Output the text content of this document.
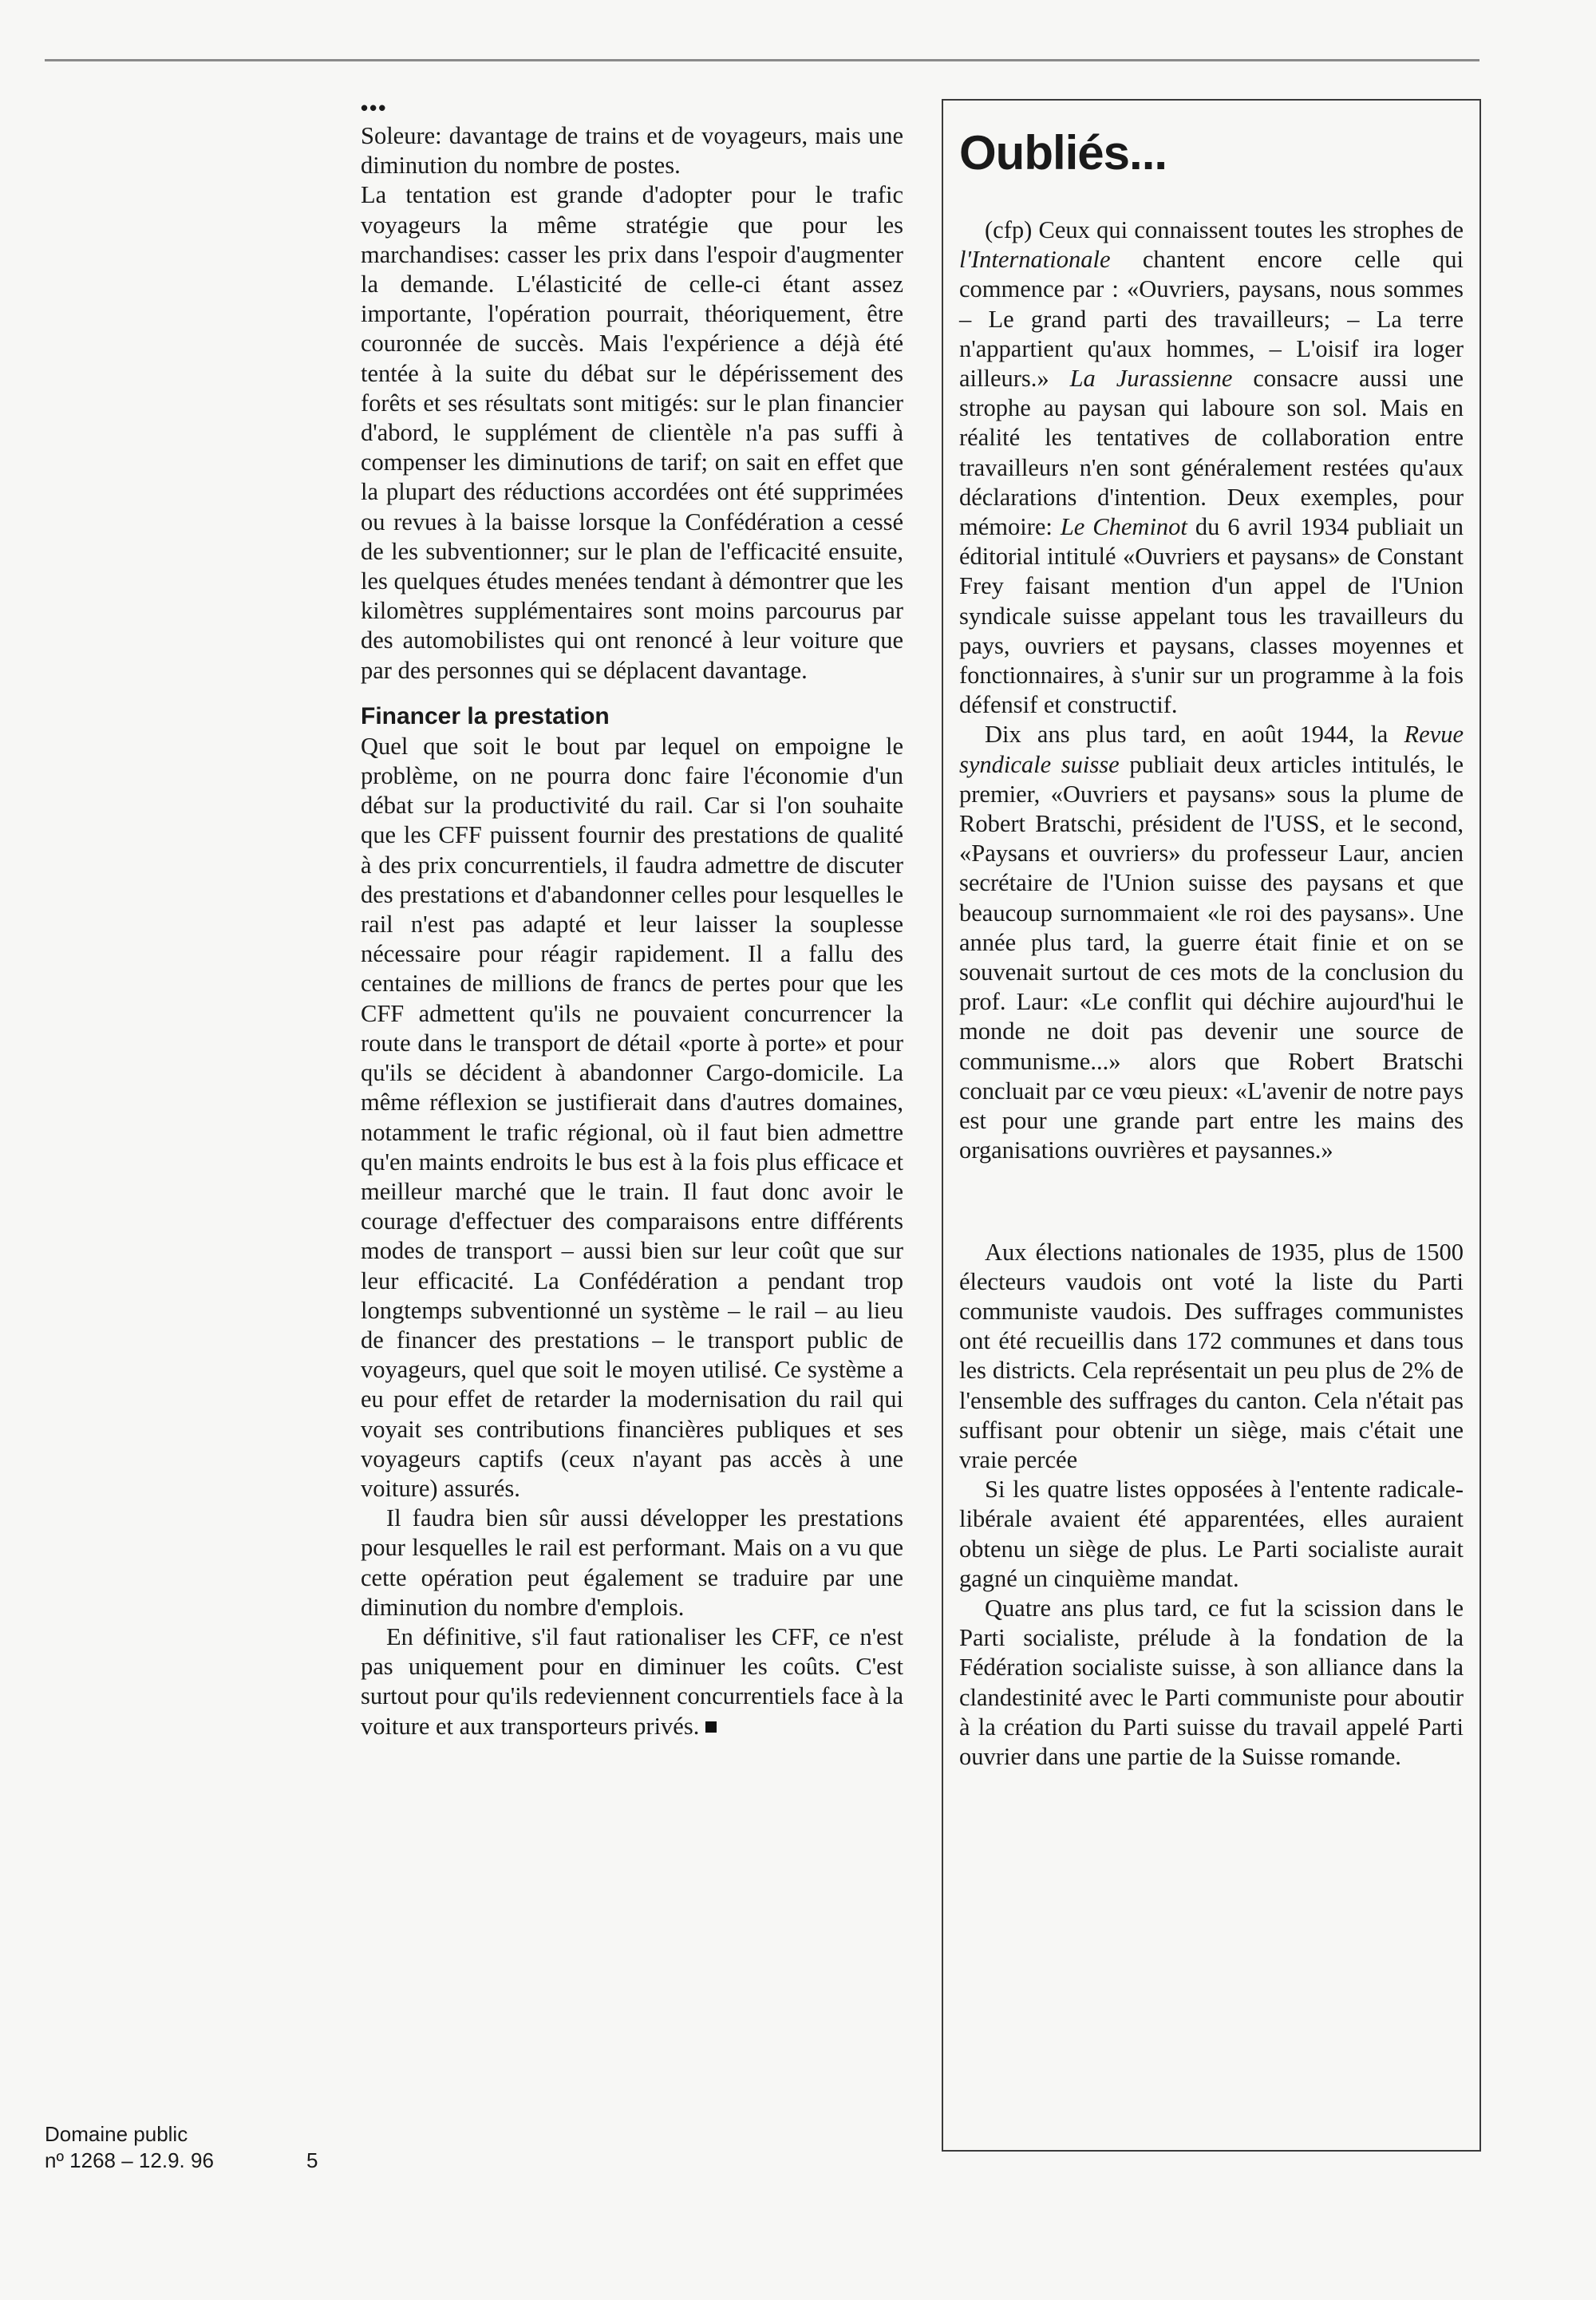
•••

Soleure: davantage de trains et de voyageurs, mais une diminution du nombre de postes.

La tentation est grande d'adopter pour le trafic voyageurs la même stratégie que pour les marchandises: casser les prix dans l'espoir d'augmenter la demande. L'élasticité de celle-ci étant assez importante, l'opération pourrait, théoriquement, être couronnée de succès. Mais l'expérience a déjà été tentée à la suite du débat sur le dépérissement des forêts et ses résultats sont mitigés: sur le plan financier d'abord, le supplément de clientèle n'a pas suffi à compenser les diminutions de tarif; on sait en effet que la plupart des réductions accordées ont été supprimées ou revues à la baisse lorsque la Confédération a cessé de les subventionner; sur le plan de l'efficacité ensuite, les quelques études menées tendant à démontrer que les kilomètres supplémentaires sont moins parcourus par des automobilistes qui ont renoncé à leur voiture que par des personnes qui se déplacent davantage.

Financer la prestation

Quel que soit le bout par lequel on empoigne le problème, on ne pourra donc faire l'économie d'un débat sur la productivité du rail. Car si l'on souhaite que les CFF puissent fournir des prestations de qualité à des prix concurrentiels, il faudra admettre de discuter des prestations et d'abandonner celles pour lesquelles le rail n'est pas adapté et leur laisser la souplesse nécessaire pour réagir rapidement. Il a fallu des centaines de millions de francs de pertes pour que les CFF admettent qu'ils ne pouvaient concurrencer la route dans le transport de détail «porte à porte» et pour qu'ils se décident à abandonner Cargo-domicile. La même réflexion se justifierait dans d'autres domaines, notamment le trafic régional, où il faut bien admettre qu'en maints endroits le bus est à la fois plus efficace et meilleur marché que le train. Il faut donc avoir le courage d'effectuer des comparaisons entre différents modes de transport – aussi bien sur leur coût que sur leur efficacité. La Confédération a pendant trop longtemps subventionné un système – le rail – au lieu de financer des prestations – le transport public de voyageurs, quel que soit le moyen utilisé. Ce système a eu pour effet de retarder la modernisation du rail qui voyait ses contributions financières publiques et ses voyageurs captifs (ceux n'ayant pas accès à une voiture) assurés.

Il faudra bien sûr aussi développer les prestations pour lesquelles le rail est performant. Mais on a vu que cette opération peut également se traduire par une diminution du nombre d'emplois.

En définitive, s'il faut rationaliser les CFF, ce n'est pas uniquement pour en diminuer les coûts. C'est surtout pour qu'ils redeviennent concurrentiels face à la voiture et aux transporteurs privés.

Oubliés...

(cfp) Ceux qui connaissent toutes les strophes de l'Internationale chantent encore celle qui commence par : «Ouvriers, paysans, nous sommes – Le grand parti des travailleurs; – La terre n'appartient qu'aux hommes, – L'oisif ira loger ailleurs.» La Jurassienne consacre aussi une strophe au paysan qui laboure son sol. Mais en réalité les tentatives de collaboration entre travailleurs n'en sont généralement restées qu'aux déclarations d'intention. Deux exemples, pour mémoire: Le Cheminot du 6 avril 1934 publiait un éditorial intitulé «Ouvriers et paysans» de Constant Frey faisant mention d'un appel de l'Union syndicale suisse appelant tous les travailleurs du pays, ouvriers et paysans, classes moyennes et fonctionnaires, à s'unir sur un programme à la fois défensif et constructif.

Dix ans plus tard, en août 1944, la Revue syndicale suisse publiait deux articles intitulés, le premier, «Ouvriers et paysans» sous la plume de Robert Bratschi, président de l'USS, et le second, «Paysans et ouvriers» du professeur Laur, ancien secrétaire de l'Union suisse des paysans et que beaucoup surnommaient «le roi des paysans». Une année plus tard, la guerre était finie et on se souvenait surtout de ces mots de la conclusion du prof. Laur: «Le conflit qui déchire aujourd'hui le monde ne doit pas devenir une source de communisme...» alors que Robert Bratschi concluait par ce vœu pieux: «L'avenir de notre pays est pour une grande part entre les mains des organisations ouvrières et paysannes.»

Aux élections nationales de 1935, plus de 1500 électeurs vaudois ont voté la liste du Parti communiste vaudois. Des suffrages communistes ont été recueillis dans 172 communes et dans tous les districts. Cela représentait un peu plus de 2% de l'ensemble des suffrages du canton. Cela n'était pas suffisant pour obtenir un siège, mais c'était une vraie percée

Si les quatre listes opposées à l'entente radicale-libérale avaient été apparentées, elles auraient obtenu un siège de plus. Le Parti socialiste aurait gagné un cinquième mandat.

Quatre ans plus tard, ce fut la scission dans le Parti socialiste, prélude à la fondation de la Fédération socialiste suisse, à son alliance dans la clandestinité avec le Parti communiste pour aboutir à la création du Parti suisse du travail appelé Parti ouvrier dans une partie de la Suisse romande.

Domaine public
nº 1268 – 12.9. 96	5
